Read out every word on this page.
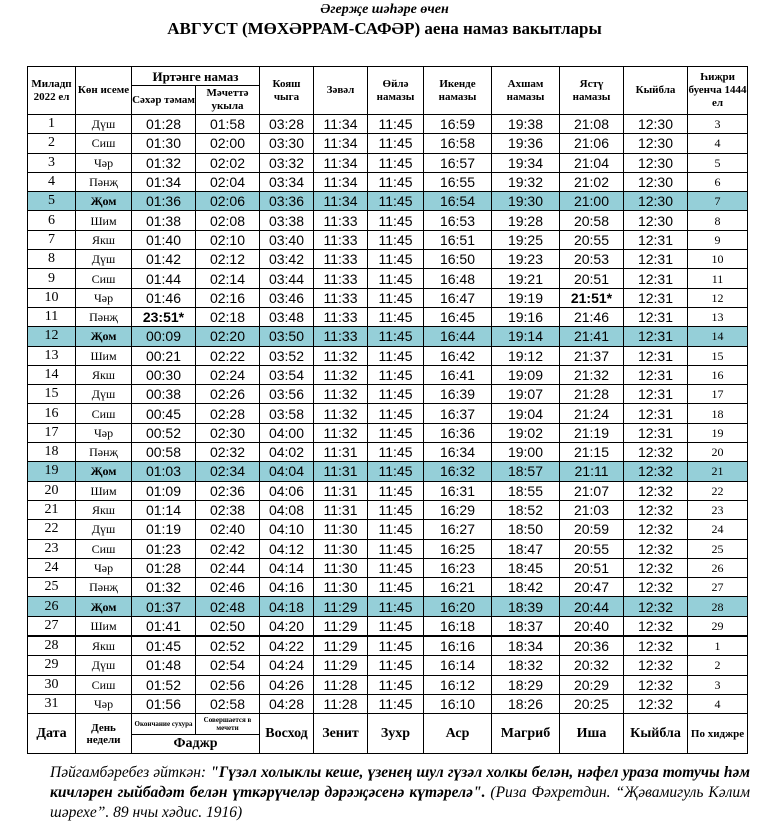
Әгерҗе шәһәре өчен
АВГУСТ (МӨХӘРРАМ-САФӘР) аена намаз вакытлары
Миладп 2022 ел	Көн исеме	Иртәнге намаз		Кояш чыга	Зәвәл	Өйлә намазы	Икенде намазы	Ахшам намазы	Ястү намазы	Кыйбла	Һиҗри буенча 1444 ел
		Сәхәр тәмам	Мәчеттә укыла								
1	Дүш	01:28	01:58	03:28	11:34	11:45	16:59	19:38	21:08	12:30	3
2	Сиш	01:30	02:00	03:30	11:34	11:45	16:58	19:36	21:06	12:30	4
3	Чәр	01:32	02:02	03:32	11:34	11:45	16:57	19:34	21:04	12:30	5
4	Пәнҗ	01:34	02:04	03:34	11:34	11:45	16:55	19:32	21:02	12:30	6
5	Җом	01:36	02:06	03:36	11:34	11:45	16:54	19:30	21:00	12:30	7
6	Шим	01:38	02:08	03:38	11:33	11:45	16:53	19:28	20:58	12:30	8
7	Якш	01:40	02:10	03:40	11:33	11:45	16:51	19:25	20:55	12:31	9
8	Дүш	01:42	02:12	03:42	11:33	11:45	16:50	19:23	20:53	12:31	10
9	Сиш	01:44	02:14	03:44	11:33	11:45	16:48	19:21	20:51	12:31	11
10	Чәр	01:46	02:16	03:46	11:33	11:45	16:47	19:19	21:51*	12:31	12
11	Пәнҗ	23:51*	02:18	03:48	11:33	11:45	16:45	19:16	21:46	12:31	13
12	Җом	00:09	02:20	03:50	11:33	11:45	16:44	19:14	21:41	12:31	14
13	Шим	00:21	02:22	03:52	11:32	11:45	16:42	19:12	21:37	12:31	15
14	Якш	00:30	02:24	03:54	11:32	11:45	16:41	19:09	21:32	12:31	16
15	Дүш	00:38	02:26	03:56	11:32	11:45	16:39	19:07	21:28	12:31	17
16	Сиш	00:45	02:28	03:58	11:32	11:45	16:37	19:04	21:24	12:31	18
17	Чәр	00:52	02:30	04:00	11:32	11:45	16:36	19:02	21:19	12:31	19
18	Пәнҗ	00:58	02:32	04:02	11:31	11:45	16:34	19:00	21:15	12:32	20
19	Җом	01:03	02:34	04:04	11:31	11:45	16:32	18:57	21:11	12:32	21
20	Шим	01:09	02:36	04:06	11:31	11:45	16:31	18:55	21:07	12:32	22
21	Якш	01:14	02:38	04:08	11:31	11:45	16:29	18:52	21:03	12:32	23
22	Дүш	01:19	02:40	04:10	11:30	11:45	16:27	18:50	20:59	12:32	24
23	Сиш	01:23	02:42	04:12	11:30	11:45	16:25	18:47	20:55	12:32	25
24	Чәр	01:28	02:44	04:14	11:30	11:45	16:23	18:45	20:51	12:32	26
25	Пәнҗ	01:32	02:46	04:16	11:30	11:45	16:21	18:42	20:47	12:32	27
26	Җом	01:37	02:48	04:18	11:29	11:45	16:20	18:39	20:44	12:32	28
27	Шим	01:41	02:50	04:20	11:29	11:45	16:18	18:37	20:40	12:32	29
28	Якш	01:45	02:52	04:22	11:29	11:45	16:16	18:34	20:36	12:32	1
29	Дүш	01:48	02:54	04:24	11:29	11:45	16:14	18:32	20:32	12:32	2
30	Сиш	01:52	02:56	04:26	11:28	11:45	16:12	18:29	20:29	12:32	3
31	Чәр	01:56	02:58	04:28	11:28	11:45	16:10	18:26	20:25	12:32	4
Дата	День недели	Окончание сухура	Совершается в мечети	Восход	Зенит	Зухр	Аср	Магриб	Иша	Кыйбла	По хиджре
		Фаджр									
Пәйгамбәребез әйткән: "Гүзәл холыклы кеше, үзенең шул гүзәл холкы белән, нәфел ураза тотучы һәм кичләрен гыйбадәт белән үткәрүчеләр дәрәҗәсенә күтәрелә". (Риза Фәхретдин. “Җәвамигуль Кәлим шәрехе”. 89 нчы хәдис. 1916)
